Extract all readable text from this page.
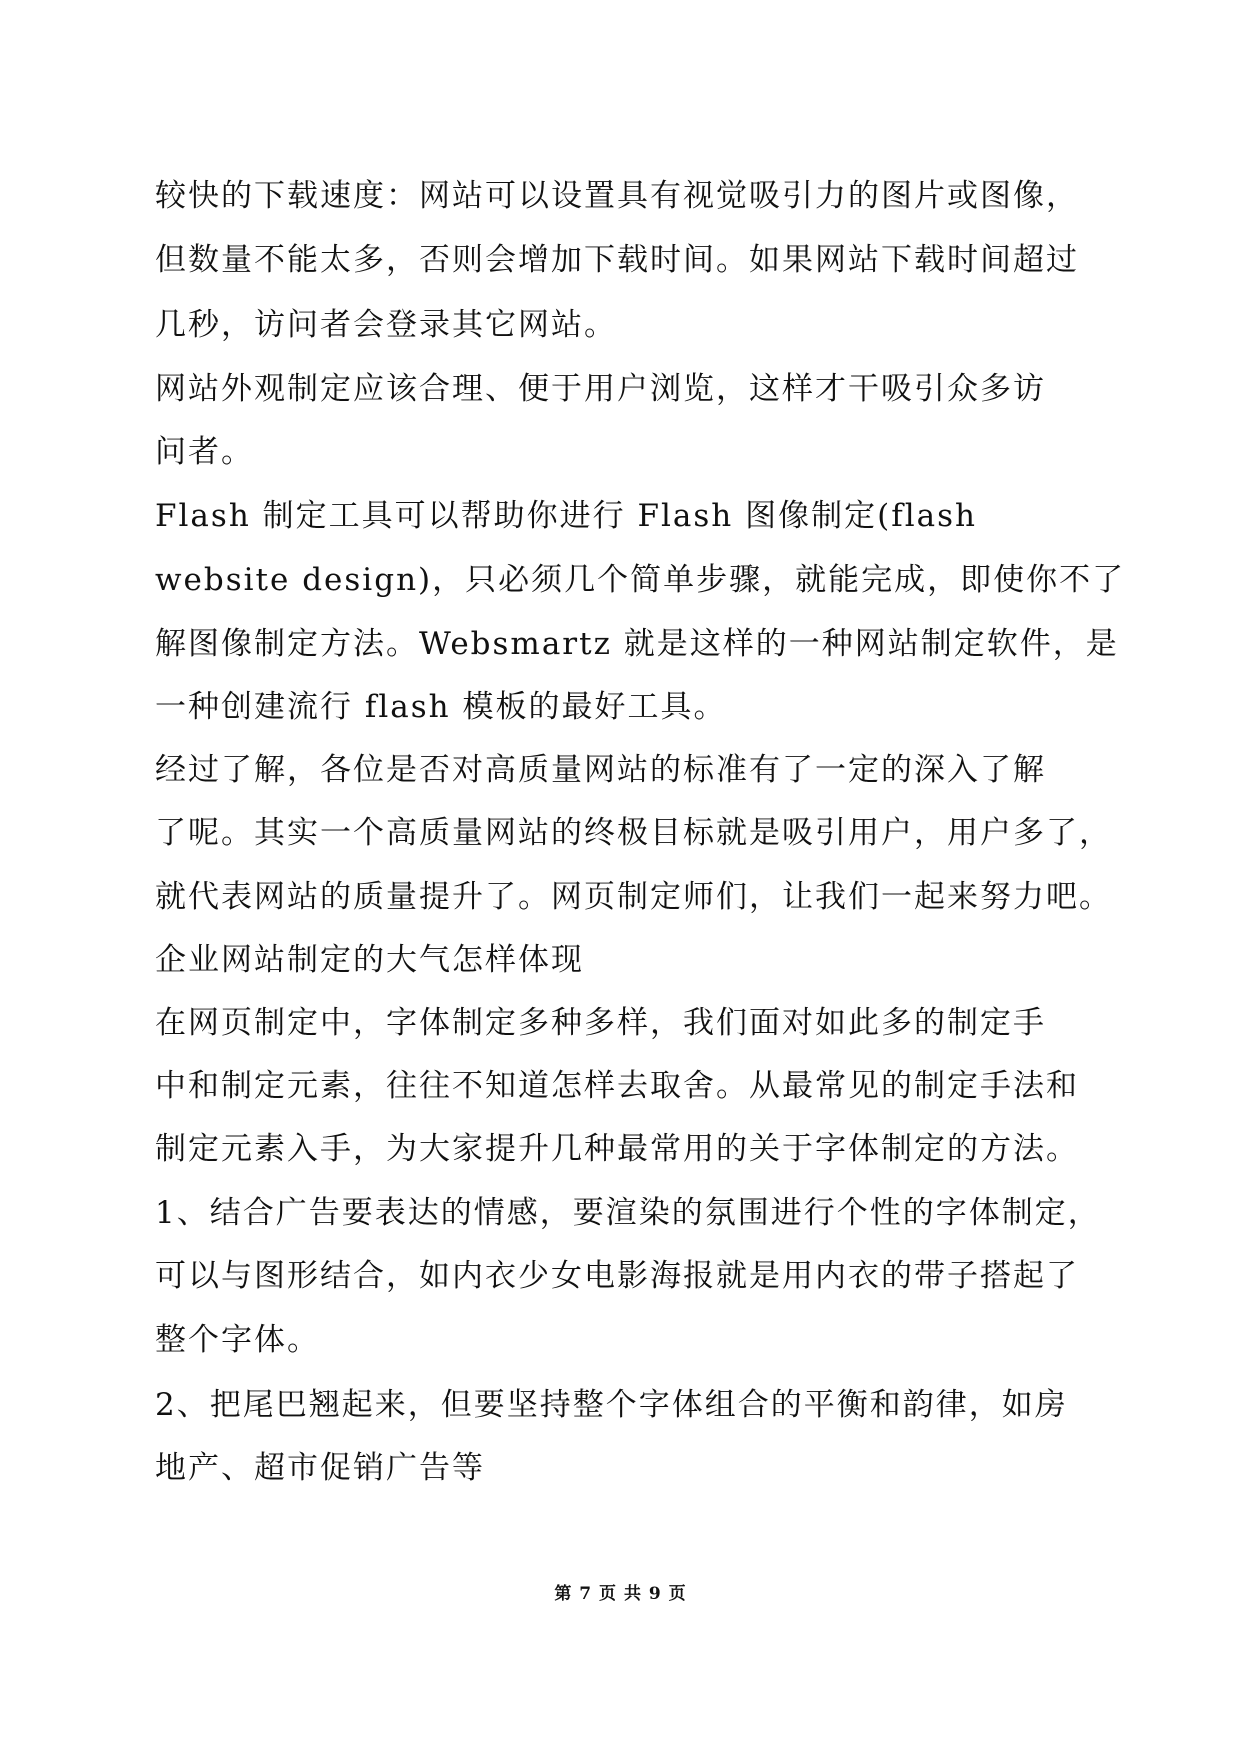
较快的下载速度：网站可以设置具有视觉吸引力的图片或图像，
但数量不能太多，否则会增加下载时间。如果网站下载时间超过
几秒，访问者会登录其它网站。
网站外观制定应该合理、便于用户浏览，这样才干吸引众多访
问者。
Flash 制定工具可以帮助你进行 Flash 图像制定(flash
website design)，只必须几个简单步骤，就能完成，即使你不了
解图像制定方法。Websmartz 就是这样的一种网站制定软件，是
一种创建流行 flash 模板的最好工具。
经过了解，各位是否对高质量网站的标准有了一定的深入了解
了呢。其实一个高质量网站的终极目标就是吸引用户，用户多了，
就代表网站的质量提升了。网页制定师们，让我们一起来努力吧。
企业网站制定的大气怎样体现
在网页制定中，字体制定多种多样，我们面对如此多的制定手
中和制定元素，往往不知道怎样去取舍。从最常见的制定手法和
制定元素入手，为大家提升几种最常用的关于字体制定的方法。
1、结合广告要表达的情感，要渲染的氛围进行个性的字体制定，
可以与图形结合，如内衣少女电影海报就是用内衣的带子搭起了
整个字体。
2、把尾巴翘起来，但要坚持整个字体组合的平衡和韵律，如房
地产、超市促销广告等
第 7 页 共 9 页
